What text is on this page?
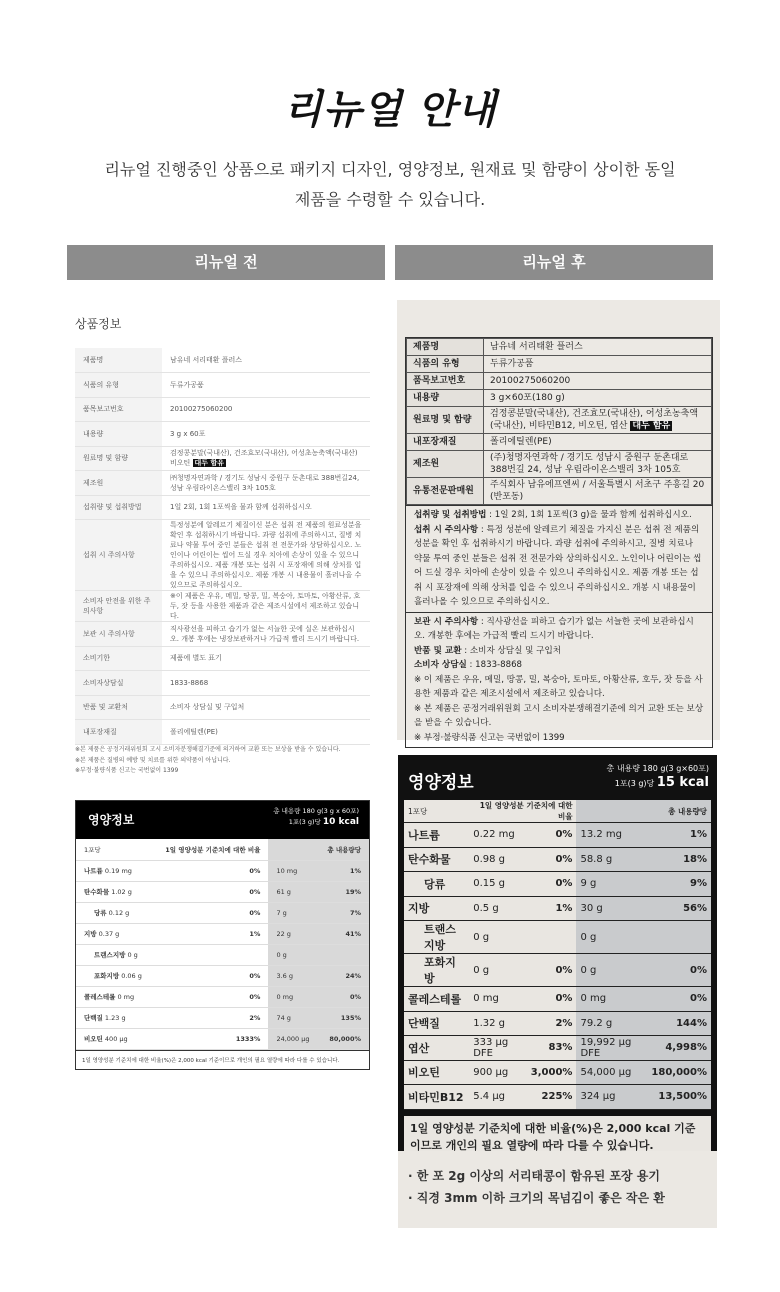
리뉴얼 안내
리뉴얼 진행중인 상품으로 패키지 디자인, 영양정보, 원재료 및 함량이 상이한 동일
제품을 수령할 수 있습니다.
리뉴얼 전	리뉴얼 후
상품정보
제품명	남유네 서리태환 플러스
식품의 유형	두류가공품
품목보고번호	20100275060200
내용량	3 g x 60포
원료명 및 함량	검정콩분말(국내산), 건조효모(국내산), 어성초농축액(국내산) 비오틴 대두 함유
제조원	㈜청명자연과학 / 경기도 성남시 중원구 둔촌대로 388번길24, 성남 우림라이온스밸리 3차 105호
섭취량 및 섭취방법	1일 2회, 1회 1포씩을 물과 함께 섭취하십시오
섭취 시 주의사항	특정성분에 알레르기 체질이신 분은 섭취 전 제품의 원료성분을 확인 후 섭취하시기 바랍니다. 과량 섭취에 주의하시고, 질병 치료나 약물 투여 중인 분들은 섭취 전 전문가와 상담하십시오. 노인이나 어린이는 씹어 드실 경우 치아에 손상이 있을 수 있으니 주의하십시오. 제품 개봉 또는 섭취 시 포장재에 의해 상처를 입을 수 있으니 주의하십시오. 제품 개봉 시 내용물이 흘러나올 수 있으므로 주의하십시오.
소비자 안전을 위한 주의사항	※이 제품은 우유, 메밀, 땅콩, 밀, 복숭아, 토마토, 아황산류, 호두, 잣 등을 사용한 제품과 같은 제조시설에서 제조하고 있습니다.
보관 시 주의사항	직사광선을 피하고 습기가 없는 서늘한 곳에 실온 보관하십시오. 개봉 후에는 냉장보관하거나 가급적 빨리 드시기 바랍니다.
소비기한	제품에 별도 표기
소비자상담실	1833-8868
반품 및 교환처	소비자 상담실 및 구입처
내포장재질	폴리에틸렌(PE)
※본 제품은 공정거래위원회 고시 소비자분쟁해결기준에 의거하여 교환 또는 보상을 받을 수 있습니다.
※본 제품은 질병의 예방 및 치료를 위한 의약품이 아닙니다.
※부정·불량식품 신고는 국번없이 1399
영양정보
총 내용량 180 g(3 g x 60포)
1포(3 g)당 10 kcal
1포당	1일 영양성분 기준치에 대한 비율	총 내용량당	
나트륨 0.19 mg	0%	10 mg	1%
탄수화물 1.02 g	0%	61 g	19%
당류 0.12 g	0%	7 g	7%
지방 0.37 g	1%	22 g	41%
트랜스지방 0 g		0 g	
포화지방 0.06 g	0%	3.6 g	24%
콜레스테롤 0 mg	0%	0 mg	0%
단백질 1.23 g	2%	74 g	135%
비오틴 400 μg	1333%	24,000 μg	80,000%
1일 영양성분 기준치에 대한 비율(%)은 2,000 kcal 기준이므로 개인의 필요 열량에 따라 다를 수 있습니다.
제품명	남유네 서리태환 플러스
식품의 유형	두류가공품
품목보고번호	20100275060200
내용량	3 g×60포(180 g)
원료명 및 함량	검정콩분말(국내산), 건조효모(국내산), 어성초농축액(국내산), 비타민B12, 비오틴, 엽산 대두 함유
내포장재질	폴리에틸렌(PE)
제조원	(주)청명자연과학 / 경기도 성남시 중원구 둔촌대로 388번길 24, 성남 우림라이온스밸리 3차 105호
유통전문판매원	주식회사 남유에프엔씨 / 서울특별시 서초구 주흥길 20 (반포동)
섭취량 및 섭취방법 : 1일 2회, 1회 1포씩(3 g)을 물과 함께 섭취하십시오.
섭취 시 주의사항 : 특정 성분에 알레르기 체질을 가지신 분은 섭취 전 제품의 성분을 확인 후 섭취하시기 바랍니다. 과량 섭취에 주의하시고, 질병 치료나 약물 투여 중인 분들은 섭취 전 전문가와 상의하십시오. 노인이나 어린이는 씹어 드실 경우 치아에 손상이 있을 수 있으니 주의하십시오. 제품 개봉 또는 섭취 시 포장재에 의해 상처를 입을 수 있으니 주의하십시오. 개봉 시 내용물이 흘러나올 수 있으므로 주의하십시오.
보관 시 주의사항 : 직사광선을 피하고 습기가 없는 서늘한 곳에 보관하십시오. 개봉한 후에는 가급적 빨리 드시기 바랍니다.
반품 및 교환 : 소비자 상담실 및 구입처
소비자 상담실 : 1833-8868
※ 이 제품은 우유, 메밀, 땅콩, 밀, 복숭아, 토마토, 아황산류, 호두, 잣 등을 사용한 제품과 같은 제조시설에서 제조하고 있습니다.
※ 본 제품은 공정거래위원회 고시 소비자분쟁해결기준에 의거 교환 또는 보상을 받을 수 있습니다.
※ 부정·불량식품 신고는 국번없이 1399
영양정보
총 내용량 180 g(3 g×60포)
1포(3 g)당 15 kcal
1포당	1일 영양성분 기준치에 대한 비율		총 내용량당	
나트륨	0.22 mg	0%	13.2 mg	1%
탄수화물	0.98 g	0%	58.8 g	18%
당류	0.15 g	0%	9 g	9%
지방	0.5 g	1%	30 g	56%
트랜스지방	0 g		0 g	
포화지방	0 g	0%	0 g	0%
콜레스테롤	0 mg	0%	0 mg	0%
단백질	1.32 g	2%	79.2 g	144%
엽산	333 μg DFE	83%	19,992 μg DFE	4,998%
비오틴	900 μg	3,000%	54,000 μg	180,000%
비타민B12	5.4 μg	225%	324 μg	13,500%
1일 영양성분 기준치에 대한 비율(%)은 2,000 kcal 기준이므로 개인의 필요 열량에 따라 다를 수 있습니다.
· 한 포 2g 이상의 서리태콩이 함유된 포장 용기
· 직경 3mm 이하 크기의 목넘김이 좋은 작은 환
